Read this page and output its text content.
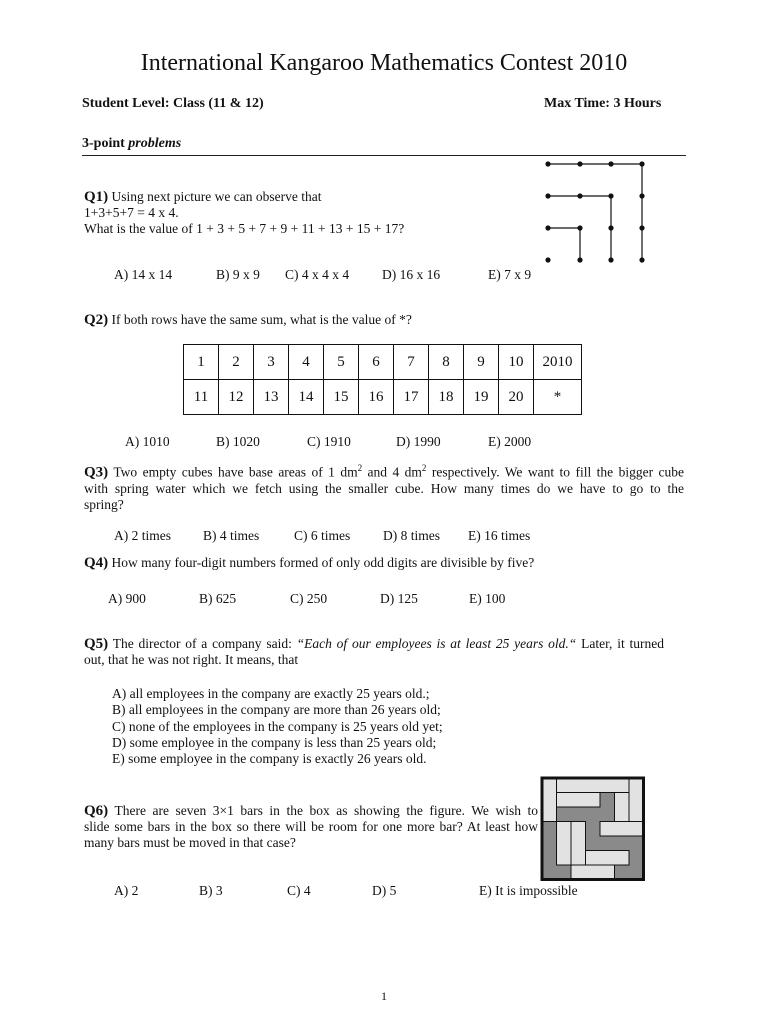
International Kangaroo Mathematics Contest 2010
Student Level: Class (11 & 12)	Max Time: 3 Hours
3-point problems
Q1) Using next picture we can observe that
1+3+5+7 = 4 x 4.
What is the value of 1 + 3 + 5 + 7 + 9 + 11 + 13 + 15 + 17?
A) 14 x 14	B) 9 x 9 C) 4 x 4 x 4 D) 16 x 16	E) 7 x 9
Q2) If both rows have the same sum, what is the value of *?
1	2	3	4	5	6	7	8	9	10	2010
11	12	13	14	15	16	17	18	19	20	*
A) 1010	B) 1020	C) 1910	D) 1990	E) 2000
Q3) Two empty cubes have base areas of 1 $dm^2$ and 4 $dm^2$ respectively. We want to fill the bigger cube
with spring water which we fetch using the smaller cube. How many times do we have to go to the
spring?
A) 2 times B) 4 times	C) 6 times D) 8 times E) 16 times
Q4) How many four-digit numbers formed of only odd digits are divisible by five?
A) 900	B) 625	C) 250	D) 125	E) 100
Q5) The director of a company said: “Each of our employees is at least 25 years old.“ Later, it turned
out, that he was not right. It means, that
A) all employees in the company are exactly 25 years old.;
B) all employees in the company are more than 26 years old;
C) none of the employees in the company is 25 years old yet;
D) some employee in the company is less than 25 years old;
E) some employee in the company is exactly 26 years old.
Q6) There are seven 3×1 bars in the box as showing the figure. We wish to
slide some bars in the box so there will be room for one more bar? At least how
many bars must be moved in that case?
A) 2	B) 3	C) 4	D) 5	E) It is impossible
1
